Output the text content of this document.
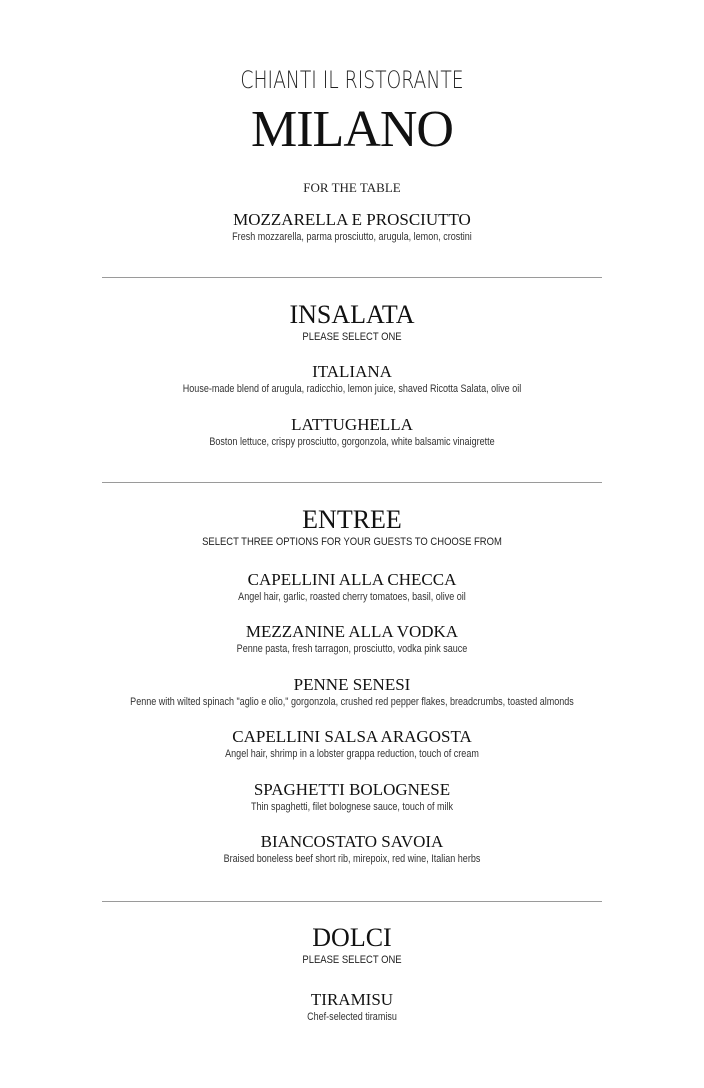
CHIANTI IL RISTORANTE
MILANO
FOR THE TABLE
MOZZARELLA E PROSCIUTTO
Fresh mozzarella, parma prosciutto, arugula, lemon, crostini
INSALATA
PLEASE SELECT ONE
ITALIANA
House-made blend of arugula, radicchio, lemon juice, shaved Ricotta Salata, olive oil
LATTUGHELLA
Boston lettuce, crispy prosciutto, gorgonzola, white balsamic vinaigrette
ENTREE
SELECT THREE OPTIONS FOR YOUR GUESTS TO CHOOSE FROM
CAPELLINI ALLA CHECCA
Angel hair, garlic, roasted cherry tomatoes, basil, olive oil
MEZZANINE ALLA VODKA
Penne pasta, fresh tarragon, prosciutto, vodka pink sauce
PENNE SENESI
Penne with wilted spinach "aglio e olio," gorgonzola, crushed red pepper flakes, breadcrumbs, toasted almonds
CAPELLINI SALSA ARAGOSTA
Angel hair, shrimp in a lobster grappa reduction, touch of cream
SPAGHETTI BOLOGNESE
Thin spaghetti, filet bolognese sauce, touch of milk
BIANCOSTATO SAVOIA
Braised boneless beef short rib, mirepoix, red wine, Italian herbs
DOLCI
PLEASE SELECT ONE
TIRAMISU
Chef-selected tiramisu
